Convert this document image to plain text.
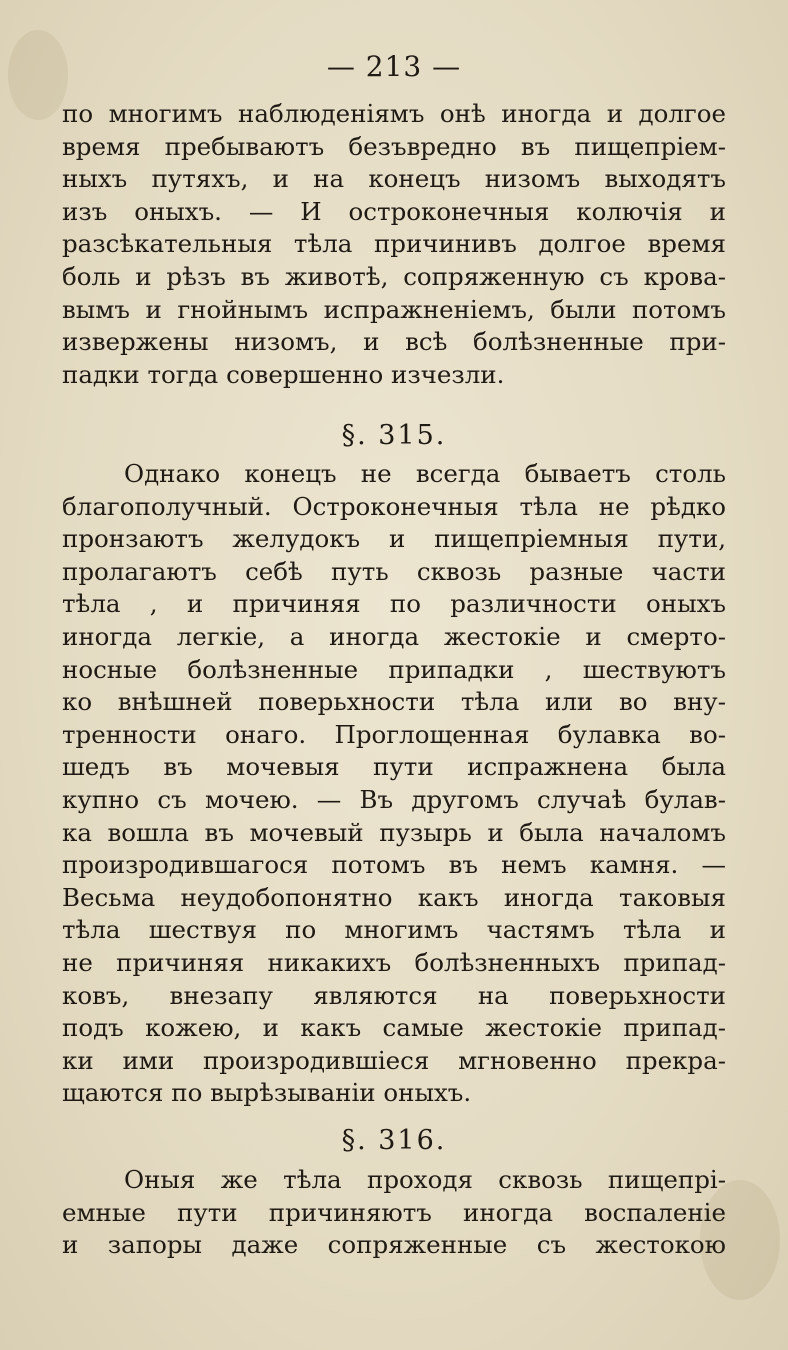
— 213 —
по многимъ наблюденiямъ онѣ иногда и долгое
время пребываютъ безъвредно въ пищепрiем-
ныхъ путяхъ, и на конецъ низомъ выходятъ
изъ оныхъ. — И остроконечныя колючiя и
разсѣкательныя тѣла причинивъ долгое время
боль и рѣзъ въ животѣ, сопряженную съ крова-
вымъ и гнойнымъ испражненiемъ, были потомъ
извержены низомъ, и всѣ болѣзненные при-
падки тогда совершенно изчезли.
§. 315.
Однако конецъ не всегда бываетъ столь
благополучный. Остроконечныя тѣла не рѣдко
пронзаютъ желудокъ и пищепрiемныя пути,
пролагаютъ себѣ путь сквозь разные части
тѣла , и причиняя по различности оныхъ
иногда легкiе, а иногда жестокiе и смерто-
носные болѣзненные припадки , шествуютъ
ко внѣшней поверьхности тѣла или во вну-
тренности онаго. Проглощенная булавка во-
шедъ въ мочевыя пути испражнена была
купно съ мочею. — Въ другомъ случаѣ булав-
ка вошла въ мочевый пузырь и была началомъ
произродившагося потомъ въ немъ камня. —
Весьма неудобопонятно какъ иногда таковыя
тѣла шествуя по многимъ частямъ тѣла и
не причиняя никакихъ болѣзненныхъ припад-
ковъ, внезапу являются на поверьхности
подъ кожею, и какъ самые жестокiе припад-
ки ими произродившiеся мгновенно прекра-
щаются по вырѣзываніи оныхъ.
§. 316.
Оныя же тѣла проходя сквозь пищепрi-
емные пути причиняютъ иногда воспаленiе
и запоры даже сопряженные съ жестокою
